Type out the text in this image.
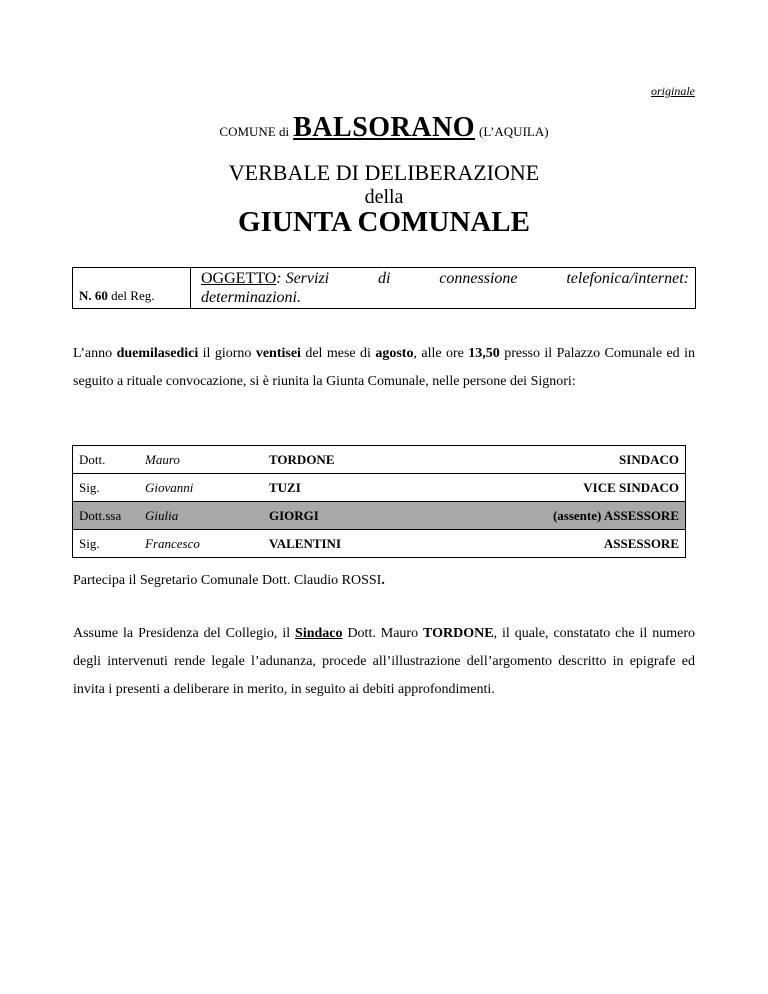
originale
COMUNE di BALSORANO (L’AQUILA)
VERBALE DI DELIBERAZIONE
della
GIUNTA COMUNALE
N. 60
del Reg.
OGGETTO: Servizi	di	connessione	telefonica/internet:
determinazioni.
L’anno duemilasedici il giorno ventisei del mese di agosto, alle ore 13,50 presso il Palazzo Comunale ed in seguito a rituale convocazione, si è riunita la Giunta Comunale, nelle persone dei Signori:
Dott.	Mauro	TORDONE	SINDACO
Sig.	Giovanni	TUZI	VICE SINDACO
Dott.ssa	Giulia	GIORGI	(assente) ASSESSORE
Sig.	Francesco	VALENTINI	ASSESSORE
Partecipa il Segretario Comunale Dott. Claudio ROSSI.
Assume la Presidenza del Collegio, il Sindaco Dott. Mauro TORDONE, il quale, constatato che il numero degli intervenuti rende legale l’adunanza, procede all’illustrazione dell’argomento descritto in epigrafe ed invita i presenti a deliberare in merito, in seguito ai debiti approfondimenti.
